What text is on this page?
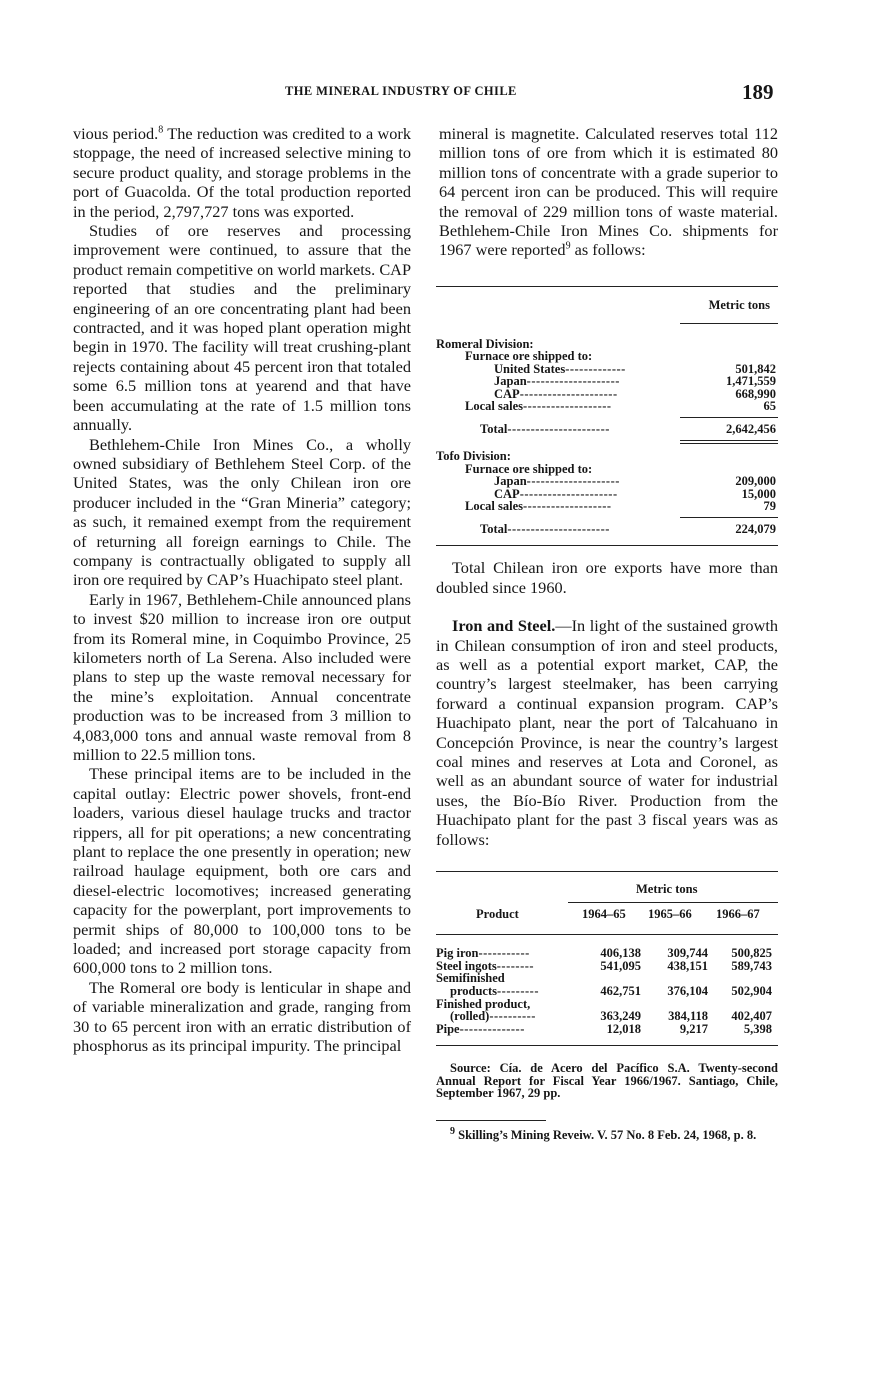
THE MINERAL INDUSTRY OF CHILE	189

vious period.$^8$ The reduction was credited to a work stoppage, the need of increased selective mining to secure product quality, and storage problems in the port of Guacolda. Of the total production reported in the period, 2,797,727 tons was exported.

Studies of ore reserves and processing improvement were continued, to assure that the product remain competitive on world markets. CAP reported that studies and the preliminary engineering of an ore concentrating plant had been contracted, and it was hoped plant operation might begin in 1970. The facility will treat crushing-plant rejects containing about 45 percent iron that totaled some 6.5 million tons at yearend and that have been accumulating at the rate of 1.5 million tons annually.

Bethlehem-Chile Iron Mines Co., a wholly owned subsidiary of Bethlehem Steel Corp. of the United States, was the only Chilean iron ore producer included in the “Gran Mineria” category; as such, it remained exempt from the requirement of returning all foreign earnings to Chile. The company is contractually obligated to supply all iron ore required by CAP’s Huachipato steel plant.

Early in 1967, Bethlehem-Chile announced plans to invest $20 million to increase iron ore output from its Romeral mine, in Coquimbo Province, 25 kilometers north of La Serena. Also included were plans to step up the waste removal necessary for the mine’s exploitation. Annual concentrate production was to be increased from 3 million to 4,083,000 tons and annual waste removal from 8 million to 22.5 million tons.

These principal items are to be included in the capital outlay: Electric power shovels, front-end loaders, various diesel haulage trucks and tractor rippers, all for pit operations; a new concentrating plant to replace the one presently in operation; new railroad haulage equipment, both ore cars and diesel-electric locomotives; increased generating capacity for the powerplant, port improvements to permit ships of 80,000 to 100,000 tons to be loaded; and increased port storage capacity from 600,000 tons to 2 million tons.

The Romeral ore body is lenticular in shape and of variable mineralization and grade, ranging from 30 to 65 percent iron with an erratic distribution of phosphorus as its principal impurity. The principal

mineral is magnetite. Calculated reserves total 112 million tons of ore from which it is estimated 80 million tons of concentrate with a grade superior to 64 percent iron can be produced. This will require the removal of 229 million tons of waste material. Bethlehem-Chile Iron Mines Co. shipments for 1967 were reported$^9$ as follows:

Metric tons
Romeral Division:
Furnace ore shipped to:
United States-------------	501,842
Japan--------------------	1,471,559
CAP---------------------	668,990
Local sales-------------------	65
Total----------------------	2,642,456
Tofo Division:
Furnace ore shipped to:
Japan--------------------	209,000
CAP---------------------	15,000
Local sales-------------------	79
Total----------------------	224,079

Total Chilean iron ore exports have more than doubled since 1960.

Iron and Steel.—In light of the sustained growth in Chilean consumption of iron and steel products, as well as a potential export market, CAP, the country’s largest steelmaker, has been carrying forward a continual expansion program. CAP’s Huachipato plant, near the port of Talcahuano in Concepción Province, is near the country’s largest coal mines and reserves at Lota and Coronel, as well as an abundant source of water for industrial uses, the Bío-Bío River. Production from the Huachipato plant for the past 3 fiscal years was as follows:

Product
Metric tons
1964–65 1965–66 1966–67
Pig iron-----------	406,138 309,744 500,825
Steel ingots--------	541,095 438,151 589,743
Semifinished
products---------	462,751 376,104 502,904
Finished product,
(rolled)----------	363,249 384,118 402,407
Pipe--------------	12,018	9,217	5,398

Source: Cía. de Acero del Pacífico S.A. Twenty-second Annual Report for Fiscal Year 1966/1967. Santiago, Chile, September 1967, 29 pp.

$^9$ Skilling’s Mining Reveiw. V. 57 No. 8 Feb. 24, 1968, p. 8.
